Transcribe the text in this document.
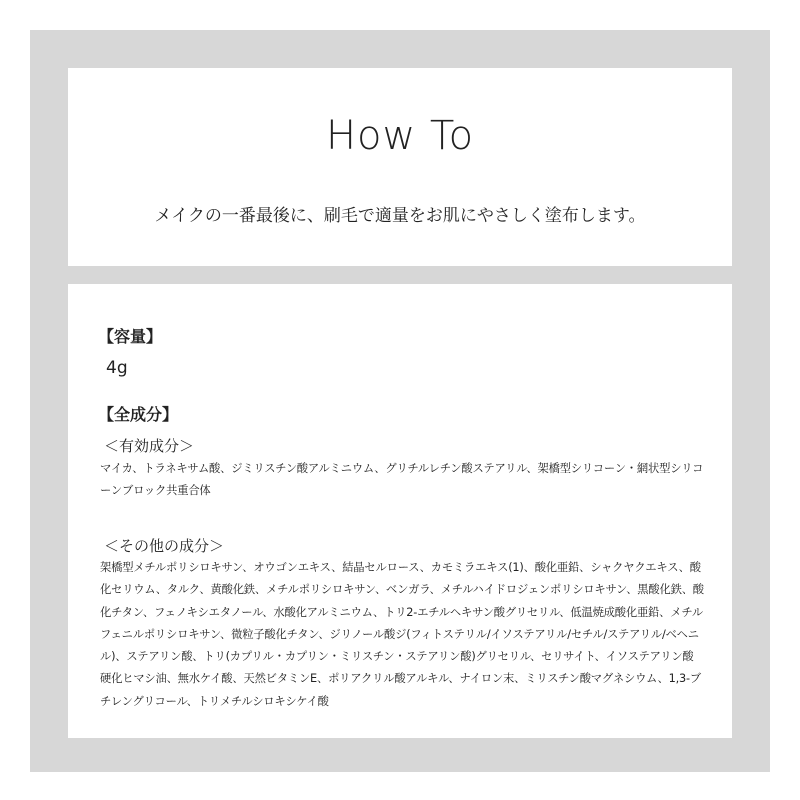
How To
メイクの一番最後に、刷毛で適量をお肌にやさしく塗布します。
【容量】
4g
【全成分】
＜有効成分＞
マイカ、トラネキサム酸、ジミリスチン酸アルミニウム、グリチルレチン酸ステアリル、架橋型シリコーン・網状型シリコーンブロック共重合体
＜その他の成分＞
架橋型メチルポリシロキサン、オウゴンエキス、結晶セルロース、カモミラエキス(1)、酸化亜鉛、シャクヤクエキス、酸化セリウム、タルク、黄酸化鉄、メチルポリシロキサン、ベンガラ、メチルハイドロジェンポリシロキサン、黒酸化鉄、酸化チタン、フェノキシエタノール、水酸化アルミニウム、トリ2-エチルヘキサン酸グリセリル、低温焼成酸化亜鉛、メチルフェニルポリシロキサン、微粒子酸化チタン、ジリノール酸ジ(フィトステリル/イソステアリル/セチル/ステアリル/ベヘニル)、ステアリン酸、トリ(カプリル・カプリン・ミリスチン・ステアリン酸)グリセリル、セリサイト、イソステアリン酸硬化ヒマシ油、無水ケイ酸、天然ビタミンE、ポリアクリル酸アルキル、ナイロン末、ミリスチン酸マグネシウム、1,3-ブチレングリコール、トリメチルシロキシケイ酸
